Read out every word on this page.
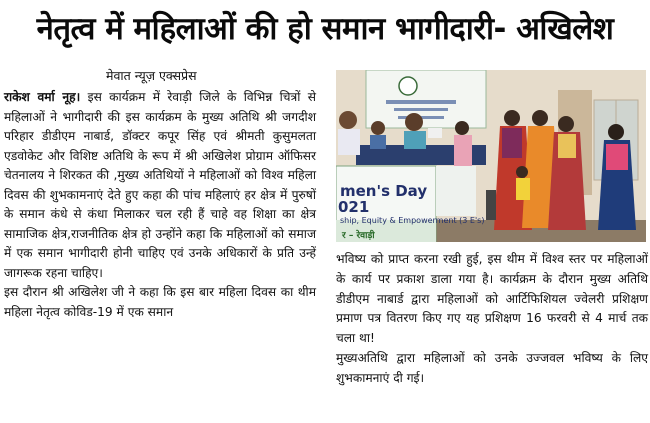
नेतृत्व में महिलाओं की हो समान भागीदारी- अखिलेश
मेवात न्यूज़ एक्सप्रेस

राकेश वर्मा नूह। इस कार्यक्रम में रेवाड़ी जिले के विभिन्न चित्रों से महिलाओं ने भागीदारी की इस कार्यक्रम के मुख्य अतिथि श्री जगदीश परिहार डीडीएम नाबार्ड, डॉक्टर कपूर सिंह एवं श्रीमती कुसुमलता एडवोकेट और विशिष्ट अतिथि के रूप में श्री अखिलेश प्रोग्राम ऑफिसर चेतनालय ने शिरकत की ,मुख्य अतिथियों ने महिलाओं को विश्व महिला दिवस की शुभकामनाएं देते हुए कहा की पांच महिलाएं हर क्षेत्र में पुरुषों के समान कंधे से कंधा मिलाकर चल रही हैं चाहे वह शिक्षा का क्षेत्र सामाजिक क्षेत्र,राजनीतिक क्षेत्र हो उन्होंने कहा कि महिलाओं को समाज में एक समान भागीदारी होनी चाहिए एवं उनके अधिकारों के प्रति उन्हें जागरूक रहना चाहिए।

इस दौरान श्री अखिलेश जी ने कहा कि इस बार महिला दिवस का थीम महिला नेतृत्व कोविड-19 में एक समान

men's Day
021
ship, Equity & Empowerment (3 E's)
र – रेवाड़ी

भविष्य को प्राप्त करना रखी हुई, इस थीम में विश्व स्तर पर महिलाओं के कार्य पर प्रकाश डाला गया है। कार्यक्रम के दौरान मुख्य अतिथि डीडीएम नाबार्ड द्वारा महिलाओं को आर्टिफिशियल ज्वेलरी प्रशिक्षण प्रमाण पत्र वितरण किए गए यह प्रशिक्षण 16 फरवरी से 4 मार्च तक चला था!

मुख्यअतिथि द्वारा महिलाओं को उनके उज्जवल भविष्य के लिए शुभकामनाएं दी गई।
